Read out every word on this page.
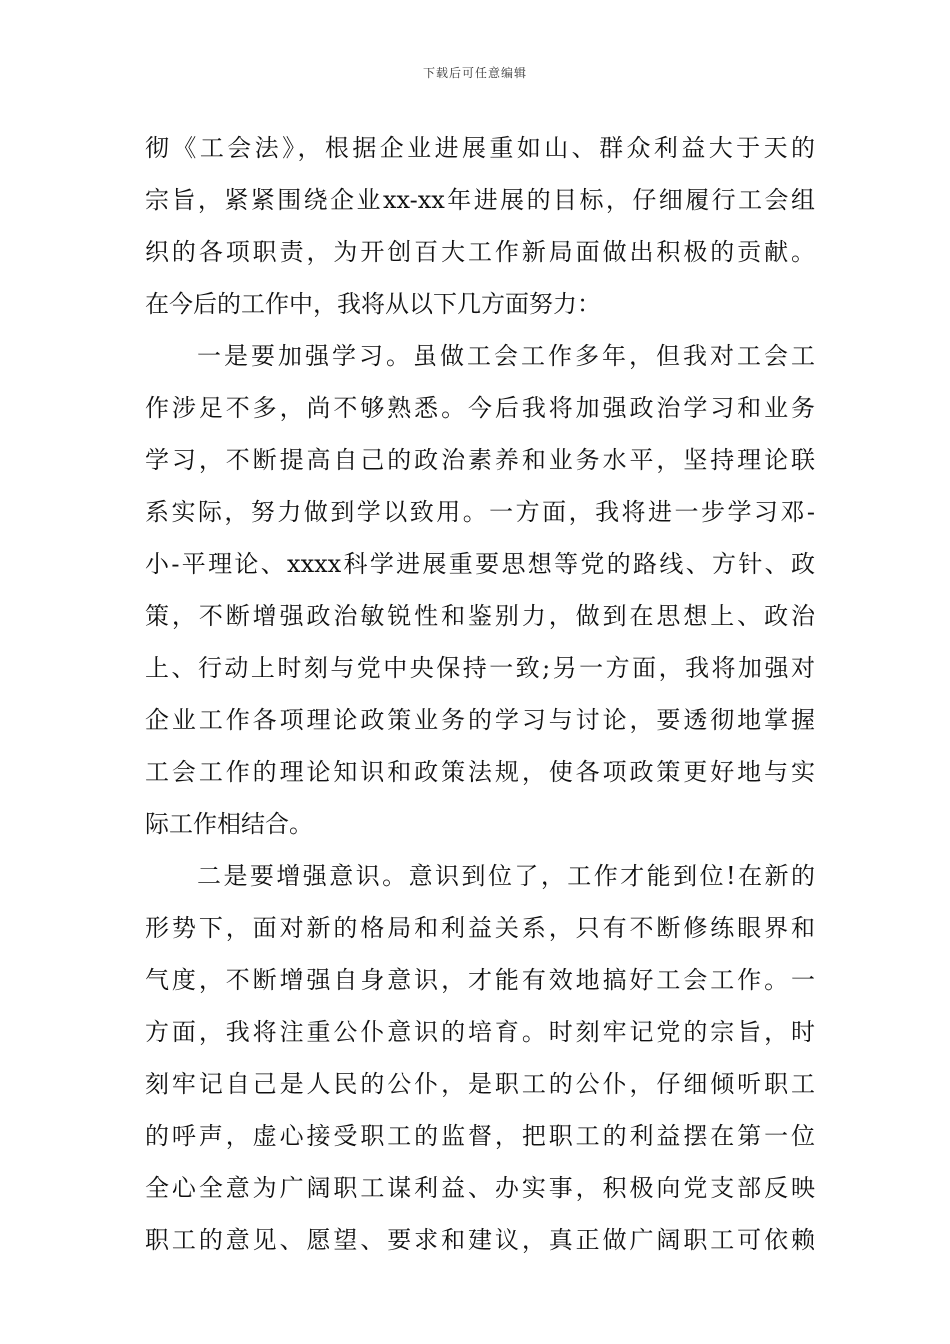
下载后可任意编辑
彻《工会法》，根据企业进展重如山、群众利益大于天的
宗旨，紧紧围绕企业xx-xx年进展的目标，仔细履行工会组
织的各项职责，为开创百大工作新局面做出积极的贡献。
在今后的工作中，我将从以下几方面努力：
一是要加强学习。虽做工会工作多年，但我对工会工
作涉足不多，尚不够熟悉。今后我将加强政治学习和业务
学习，不断提高自己的政治素养和业务水平，坚持理论联
系实际，努力做到学以致用。一方面，我将进一步学习邓-
小-平理论、xxxx科学进展重要思想等党的路线、方针、政
策，不断增强政治敏锐性和鉴别力，做到在思想上、政治
上、行动上时刻与党中央保持一致;另一方面，我将加强对
企业工作各项理论政策业务的学习与讨论，要透彻地掌握
工会工作的理论知识和政策法规，使各项政策更好地与实
际工作相结合。
二是要增强意识。意识到位了，工作才能到位!在新的
形势下，面对新的格局和利益关系，只有不断修练眼界和
气度，不断增强自身意识，才能有效地搞好工会工作。一
方面，我将注重公仆意识的培育。时刻牢记党的宗旨，时
刻牢记自己是人民的公仆，是职工的公仆，仔细倾听职工
的呼声，虚心接受职工的监督，把职工的利益摆在第一位
全心全意为广阔职工谋利益、办实事，积极向党支部反映
职工的意见、愿望、要求和建议，真正做广阔职工可依赖
